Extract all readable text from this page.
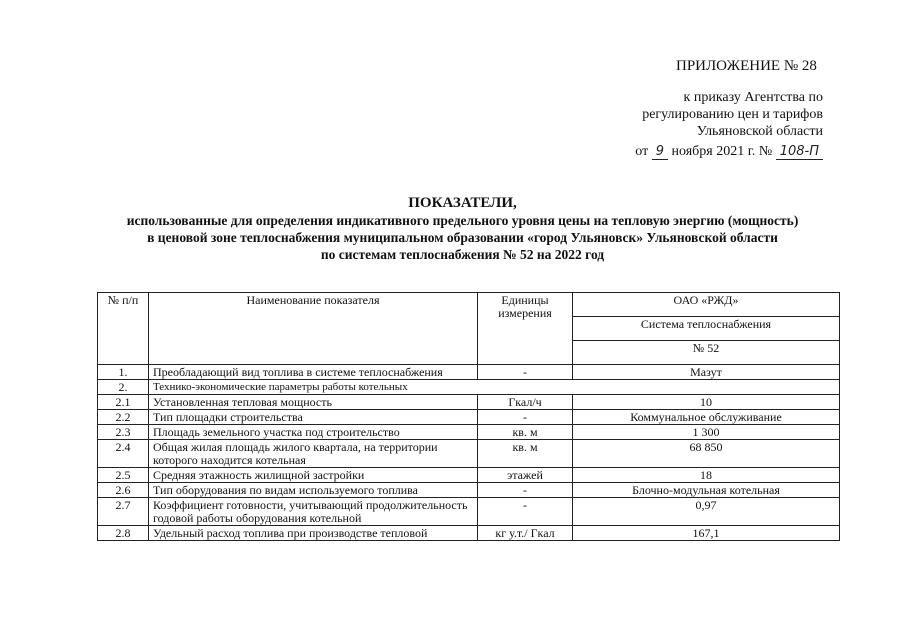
ПРИЛОЖЕНИЕ № 28
к приказу Агентства по
регулированию цен и тарифов
Ульяновской области
от 9 ноября 2021 г. № 108-П
ПОКАЗАТЕЛИ,
использованные для определения индикативного предельного уровня цены на тепловую энергию (мощность)
в ценовой зоне теплоснабжения муниципальном образовании «город Ульяновск» Ульяновской области
по системам теплоснабжения № 52 на 2022 год
№ п/п	Наименование показателя	Единицы измерения	ОАО «РЖД»
			Система теплоснабжения
			№ 52
1.	Преобладающий вид топлива в системе теплоснабжения	-	Мазут
2.	Технико-экономические параметры работы котельных		
2.1	Установленная тепловая мощность	Гкал/ч	10
2.2	Тип площадки строительства	-	Коммунальное обслуживание
2.3	Площадь земельного участка под строительство	кв. м	1 300
2.4	Общая жилая площадь жилого квартала, на территории которого находится котельная	кв. м	68 850
2.5	Средняя этажность жилищной застройки	этажей	18
2.6	Тип оборудования по видам используемого топлива	-	Блочно-модульная котельная
2.7	Коэффициент готовности, учитывающий продолжительность годовой работы оборудования котельной	-	0,97
2.8	Удельный расход топлива при производстве тепловой	кг у.т./ Гкал	167,1
